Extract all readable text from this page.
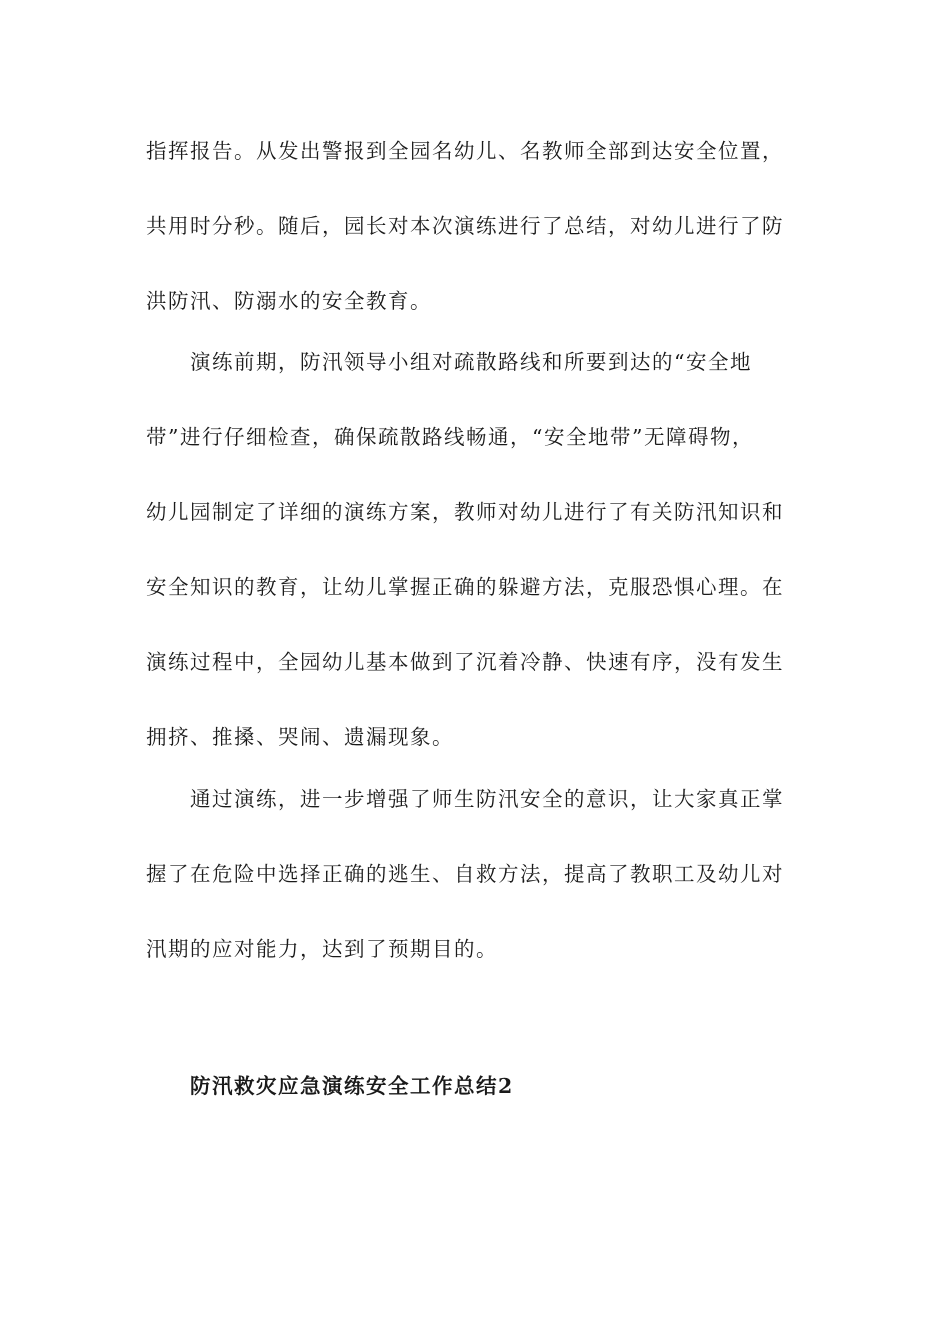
指挥报告。从发出警报到全园名幼儿、名教师全部到达安全位置，
共用时分秒。随后，园长对本次演练进行了总结，对幼儿进行了防
洪防汛、防溺水的安全教育。
演练前期，防汛领导小组对疏散路线和所要到达的“安全地
带”进行仔细检查，确保疏散路线畅通，“安全地带”无障碍物，
幼儿园制定了详细的演练方案，教师对幼儿进行了有关防汛知识和
安全知识的教育，让幼儿掌握正确的躲避方法，克服恐惧心理。在
演练过程中，全园幼儿基本做到了沉着冷静、快速有序，没有发生
拥挤、推搡、哭闹、遗漏现象。
通过演练，进一步增强了师生防汛安全的意识，让大家真正掌
握了在危险中选择正确的逃生、自救方法，提高了教职工及幼儿对
汛期的应对能力，达到了预期目的。
防汛救灾应急演练安全工作总结2
